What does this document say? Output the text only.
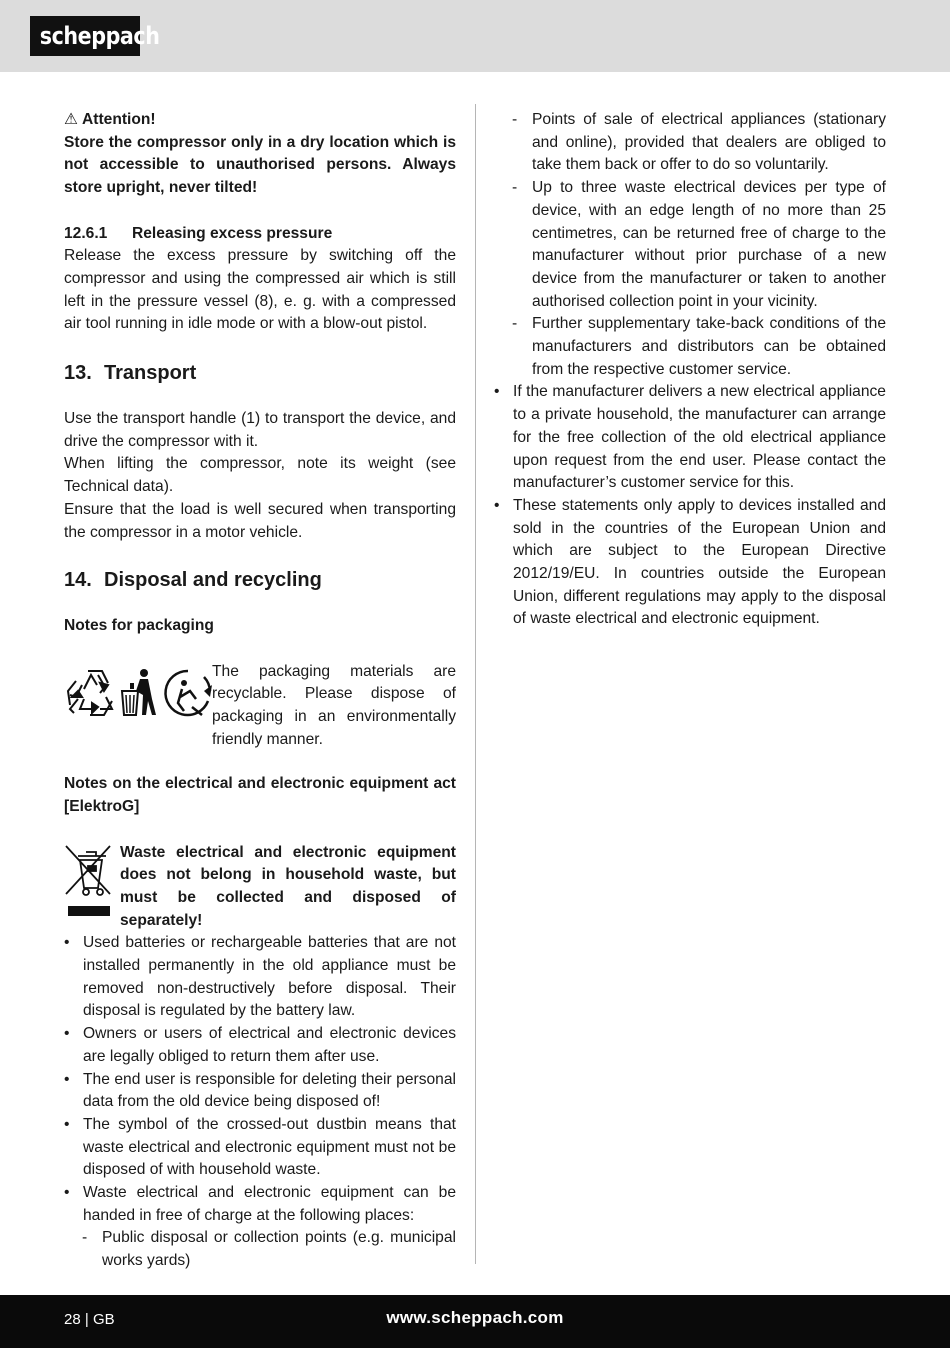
scheppach

⚠ Attention!

Store the compressor only in a dry location which is not accessible to unauthorised persons. Always store upright, never tilted!

12.6.1 Releasing excess pressure

Release the excess pressure by switching off the compressor and using the compressed air which is still left in the pressure vessel (8), e. g. with a compressed air tool running in idle mode or with a blow-out pistol.

13. Transport

Use the transport handle (1) to transport the device, and drive the compressor with it.

When lifting the compressor, note its weight (see Technical data).

Ensure that the load is well secured when transporting the compressor in a motor vehicle.

14. Disposal and recycling

Notes for packaging

The packaging materials are recyclable. Please dispose of packaging in an environmentally friendly manner.

Notes on the electrical and electronic equipment act [ElektroG]

Waste electrical and electronic equipment does not belong in household waste, but must be collected and disposed of separately!

• Used batteries or rechargeable batteries that are not installed permanently in the old appliance must be removed non-destructively before disposal. Their disposal is regulated by the battery law.
• Owners or users of electrical and electronic devices are legally obliged to return them after use.
• The end user is responsible for deleting their personal data from the old device being disposed of!
• The symbol of the crossed-out dustbin means that waste electrical and electronic equipment must not be disposed of with household waste.
• Waste electrical and electronic equipment can be handed in free of charge at the following places:
- Public disposal or collection points (e.g. municipal works yards)
- Points of sale of electrical appliances (stationary and online), provided that dealers are obliged to take them back or offer to do so voluntarily.
- Up to three waste electrical devices per type of device, with an edge length of no more than 25 centimetres, can be returned free of charge to the manufacturer without prior purchase of a new device from the manufacturer or taken to another authorised collection point in your vicinity.
- Further supplementary take-back conditions of the manufacturers and distributors can be obtained from the respective customer service.
• If the manufacturer delivers a new electrical appliance to a private household, the manufacturer can arrange for the free collection of the old electrical appliance upon request from the end user. Please contact the manufacturer’s customer service for this.
• These statements only apply to devices installed and sold in the countries of the European Union and which are subject to the European Directive 2012/19/EU. In countries outside the European Union, different regulations may apply to the disposal of waste electrical and electronic equipment.
28 | GB	www.scheppach.com
